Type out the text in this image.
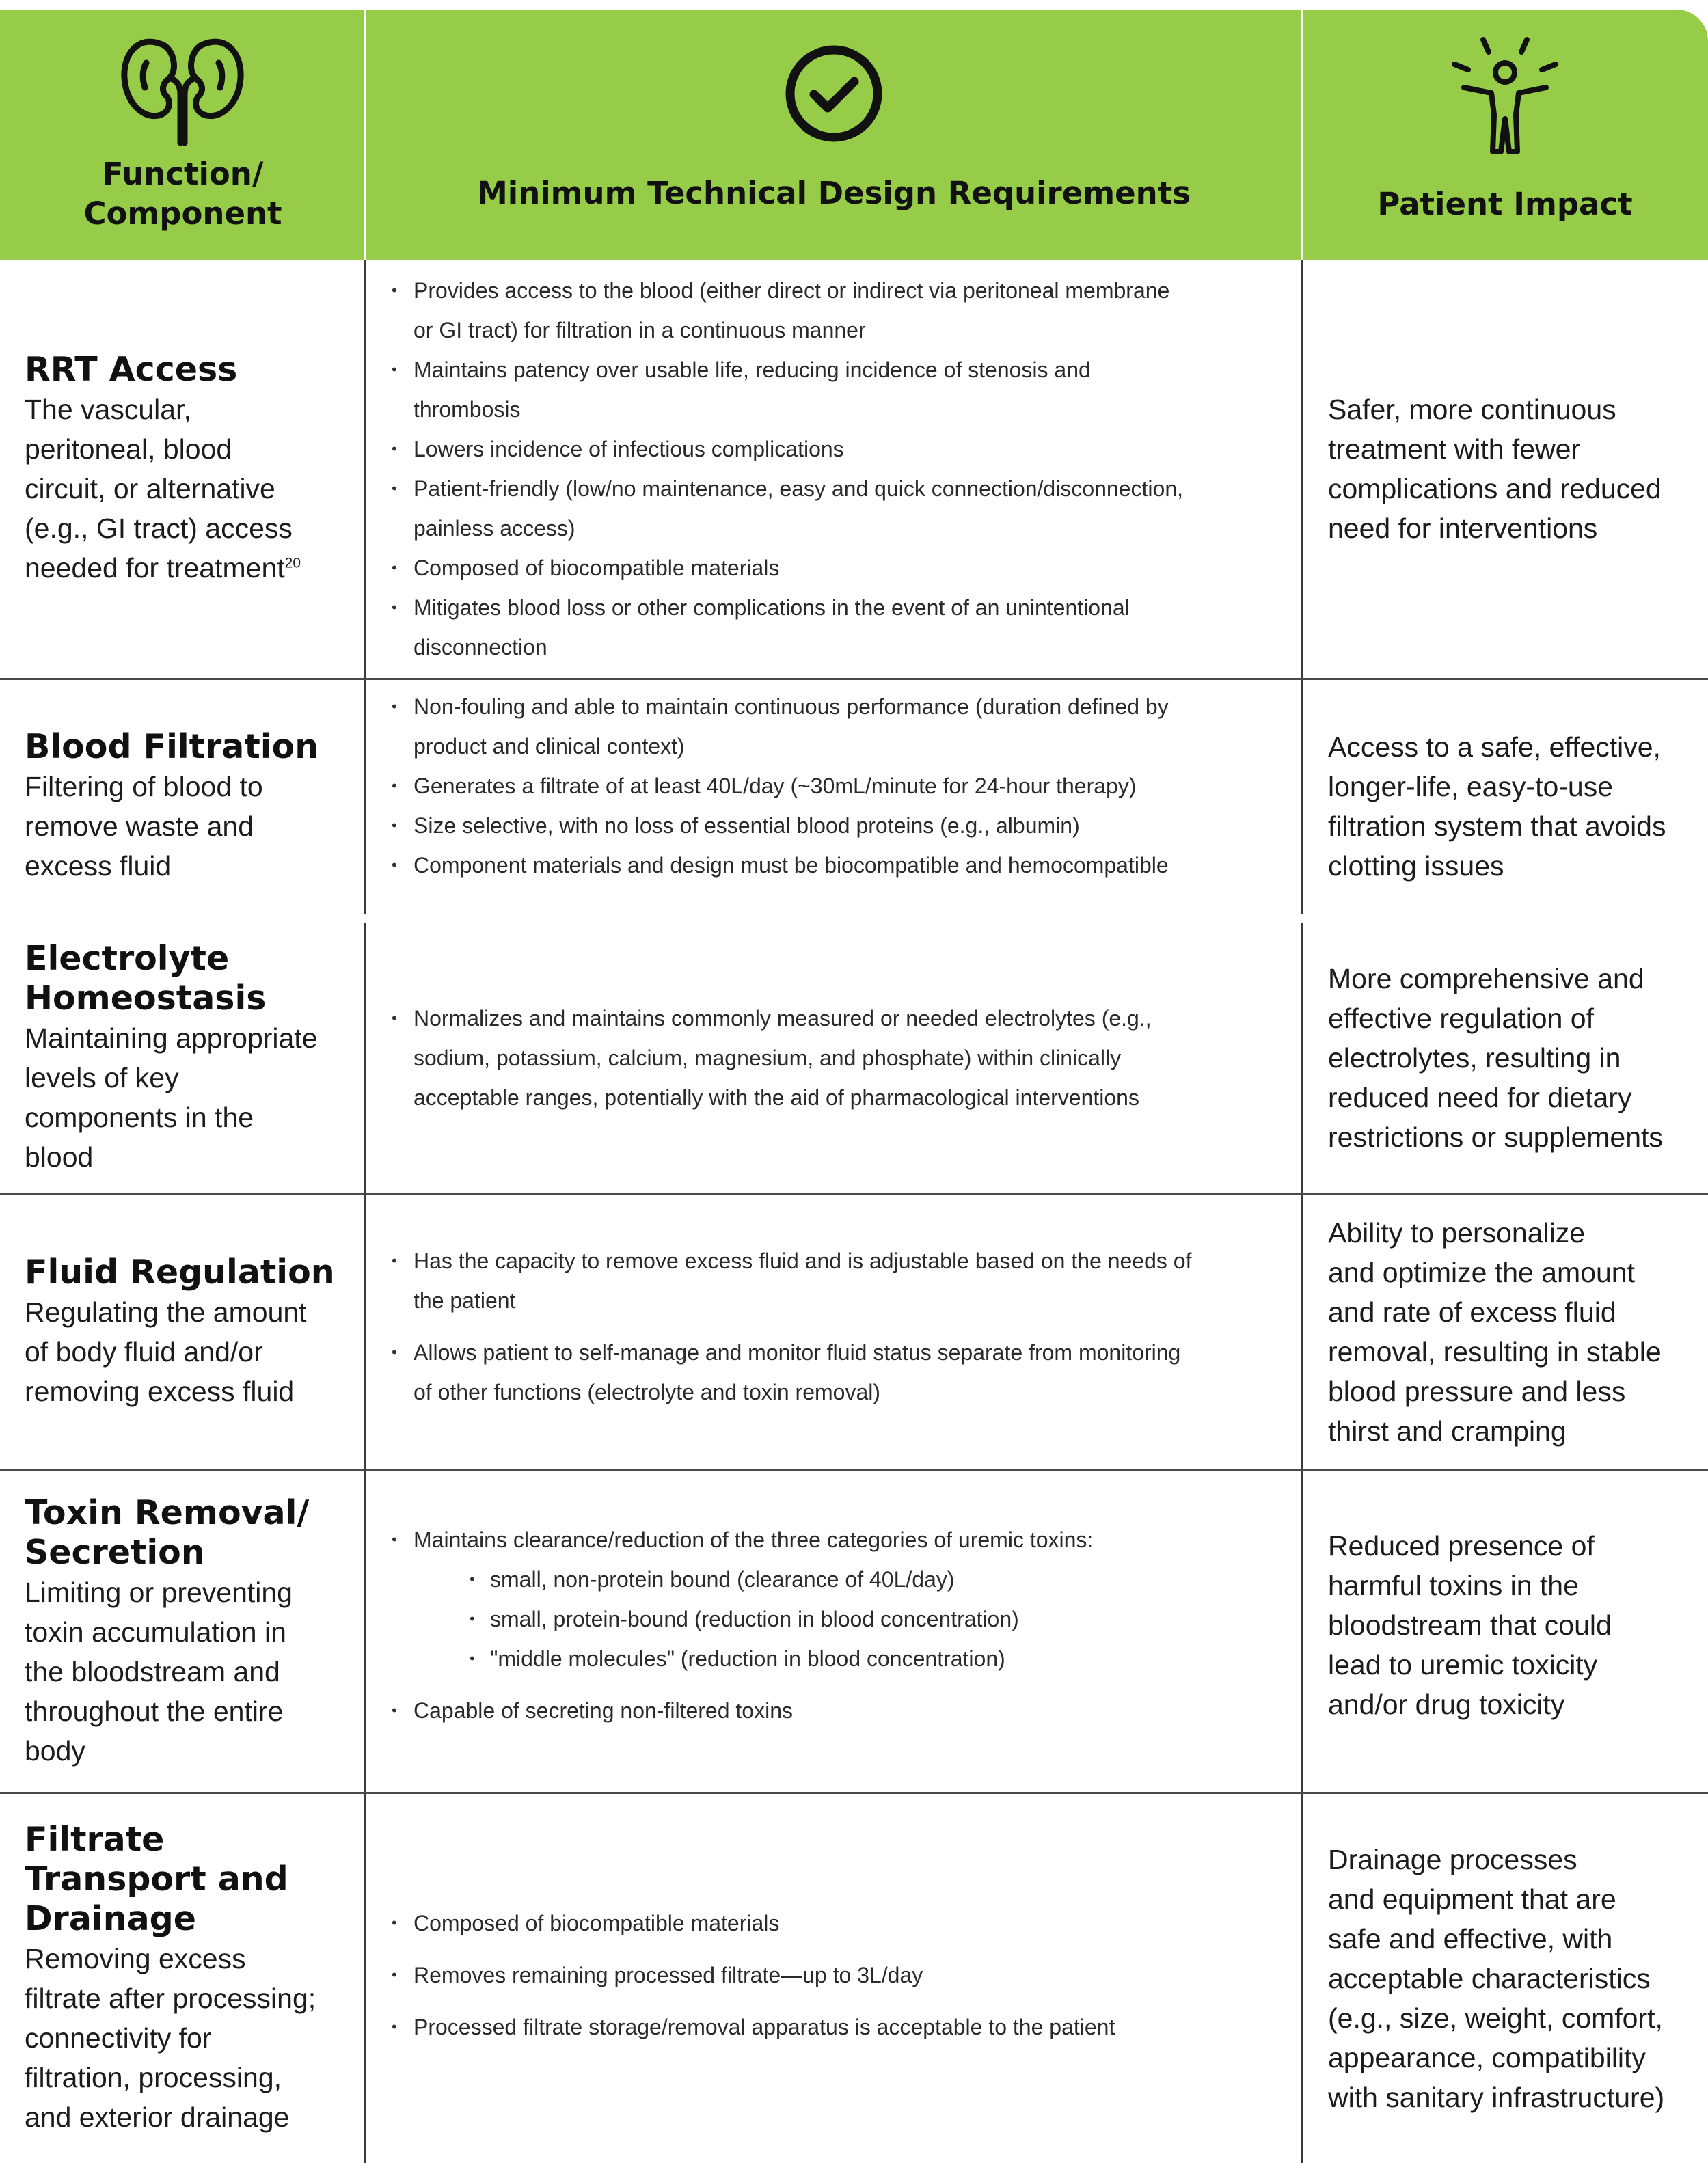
Function/
Component
Minimum Technical Design Requirements	Patient Impact
RRT Access
The vascular,
peritoneal, blood
circuit, or alternative
(e.g., GI tract) access
needed for treatment$^{20}$
• Provides access to the blood (either direct or indirect via peritoneal membrane
or GI tract) for filtration in a continuous manner
• Maintains patency over usable life, reducing incidence of stenosis and
thrombosis
• Lowers incidence of infectious complications
• Patient-friendly (low/no maintenance, easy and quick connection/disconnection,
painless access)
• Composed of biocompatible materials
• Mitigates blood loss or other complications in the event of an unintentional
disconnection
Safer, more continuous
treatment with fewer
complications and reduced
need for interventions
Blood Filtration
Filtering of blood to
remove waste and
excess fluid
• Non-fouling and able to maintain continuous performance (duration defined by
product and clinical context)
• Generates a filtrate of at least 40L/day (~30mL/minute for 24-hour therapy)
• Size selective, with no loss of essential blood proteins (e.g., albumin)
• Component materials and design must be biocompatible and hemocompatible
Access to a safe, effective,
longer-life, easy-to-use
filtration system that avoids
clotting issues
Electrolyte
Homeostasis
Maintaining appropriate
levels of key
components in the
blood
• Normalizes and maintains commonly measured or needed electrolytes (e.g.,
sodium, potassium, calcium, magnesium, and phosphate) within clinically
acceptable ranges, potentially with the aid of pharmacological interventions
More comprehensive and
effective regulation of
electrolytes, resulting in
reduced need for dietary
restrictions or supplements
Fluid Regulation
Regulating the amount
of body fluid and/or
removing excess fluid
• Has the capacity to remove excess fluid and is adjustable based on the needs of
the patient
• Allows patient to self-manage and monitor fluid status separate from monitoring
of other functions (electrolyte and toxin removal)
Ability to personalize
and optimize the amount
and rate of excess fluid
removal, resulting in stable
blood pressure and less
thirst and cramping
Toxin Removal/
Secretion
Limiting or preventing
toxin accumulation in
the bloodstream and
throughout the entire
body
• Maintains clearance/reduction of the three categories of uremic toxins:
• small, non-protein bound (clearance of 40L/day)
• small, protein-bound (reduction in blood concentration)
• "middle molecules" (reduction in blood concentration)
• Capable of secreting non-filtered toxins
Reduced presence of
harmful toxins in the
bloodstream that could
lead to uremic toxicity
and/or drug toxicity
Filtrate
Transport and
Drainage
Removing excess
filtrate after processing;
connectivity for
filtration, processing,
and exterior drainage
• Composed of biocompatible materials
• Removes remaining processed filtrate—up to 3L/day
• Processed filtrate storage/removal apparatus is acceptable to the patient
Drainage processes
and equipment that are
safe and effective, with
acceptable characteristics
(e.g., size, weight, comfort,
appearance, compatibility
with sanitary infrastructure)
